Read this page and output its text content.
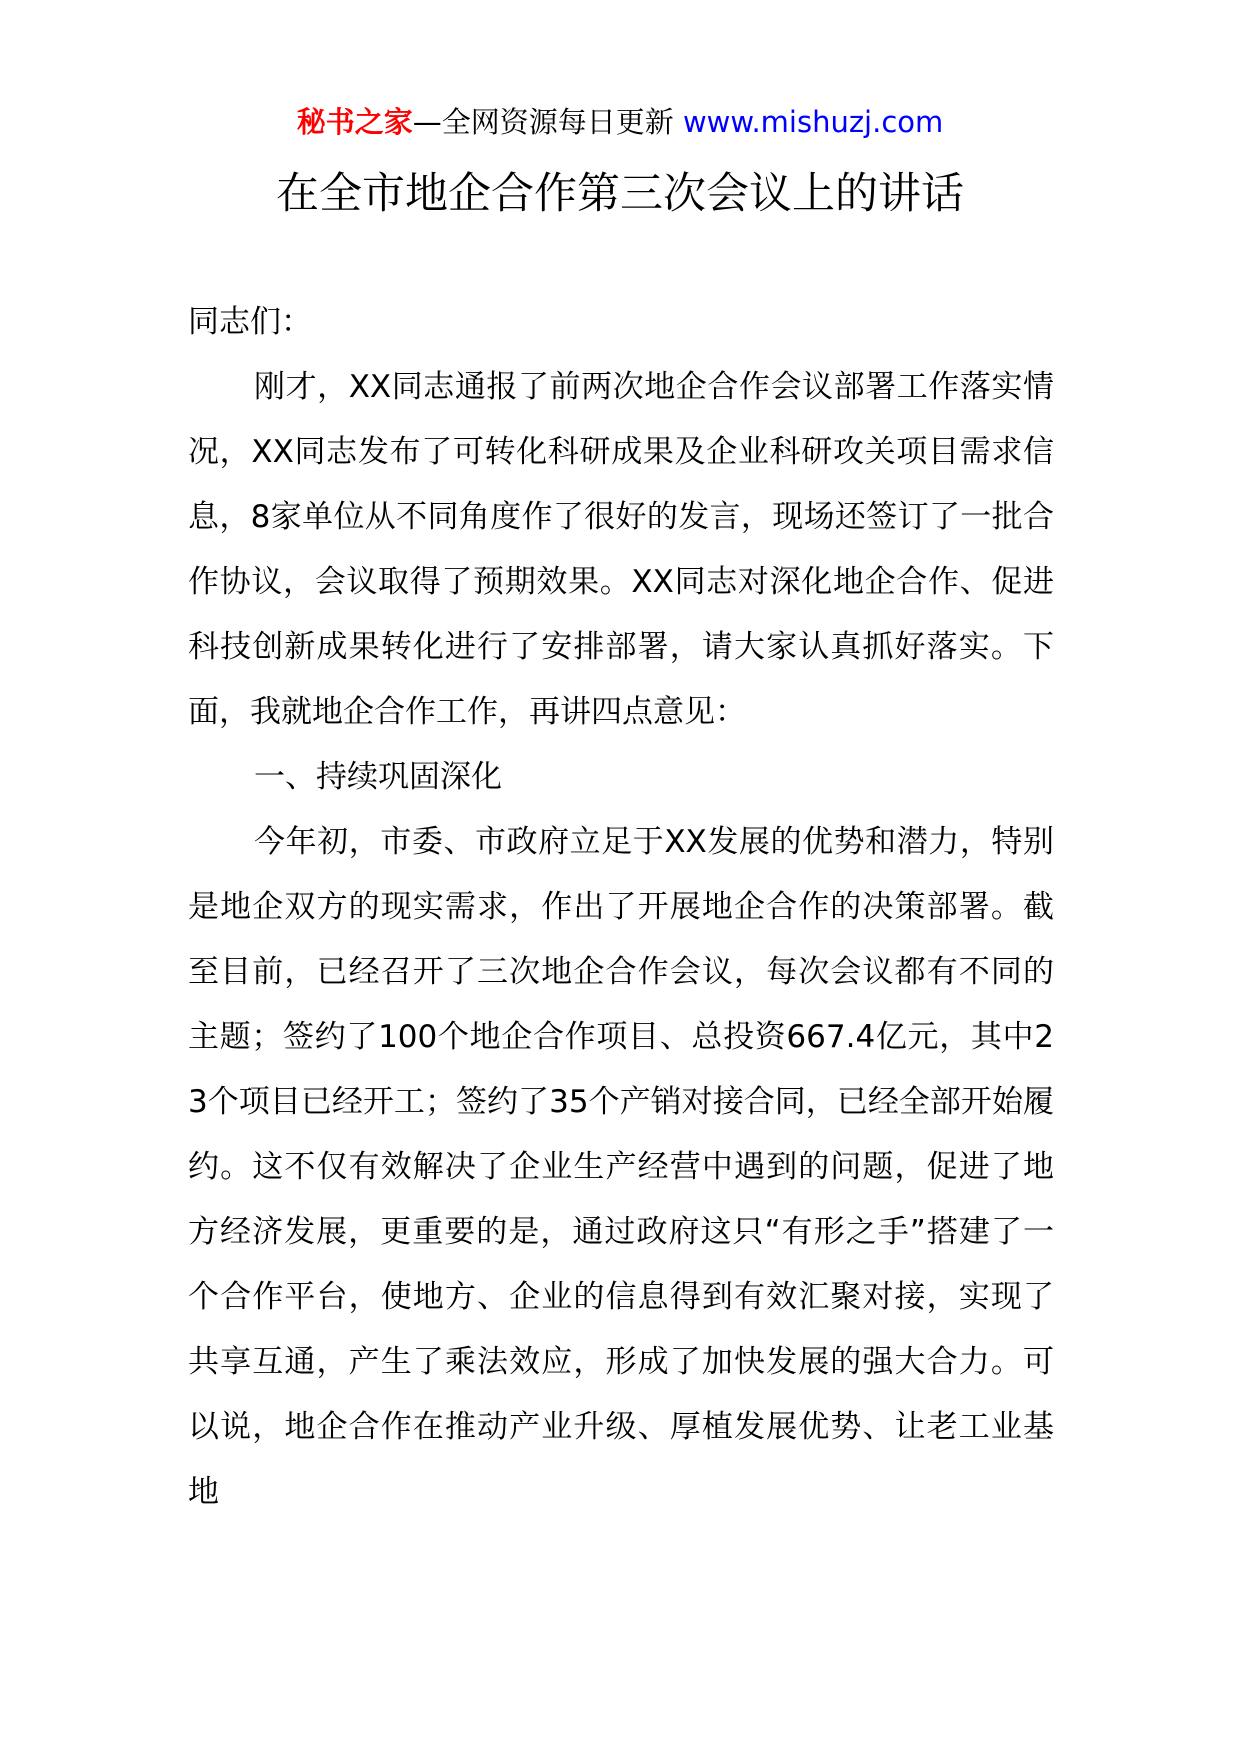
秘书之家—全网资源每日更新 www.mishuzj.com
在全市地企合作第三次会议上的讲话

同志们：

刚才，XX同志通报了前两次地企合作会议部署工作落实情况，XX同志发布了可转化科研成果及企业科研攻关项目需求信息，8家单位从不同角度作了很好的发言，现场还签订了一批合作协议，会议取得了预期效果。XX同志对深化地企合作、促进科技创新成果转化进行了安排部署，请大家认真抓好落实。下面，我就地企合作工作，再讲四点意见：

一、持续巩固深化

今年初，市委、市政府立足于XX发展的优势和潜力，特别是地企双方的现实需求，作出了开展地企合作的决策部署。截至目前，已经召开了三次地企合作会议，每次会议都有不同的主题；签约了100个地企合作项目、总投资667.4亿元，其中23个项目已经开工；签约了35个产销对接合同，已经全部开始履约。这不仅有效解决了企业生产经营中遇到的问题，促进了地方经济发展，更重要的是，通过政府这只“有形之手”搭建了一个合作平台，使地方、企业的信息得到有效汇聚对接，实现了共享互通，产生了乘法效应，形成了加快发展的强大合力。可以说，地企合作在推动产业升级、厚植发展优势、让老工业基地
